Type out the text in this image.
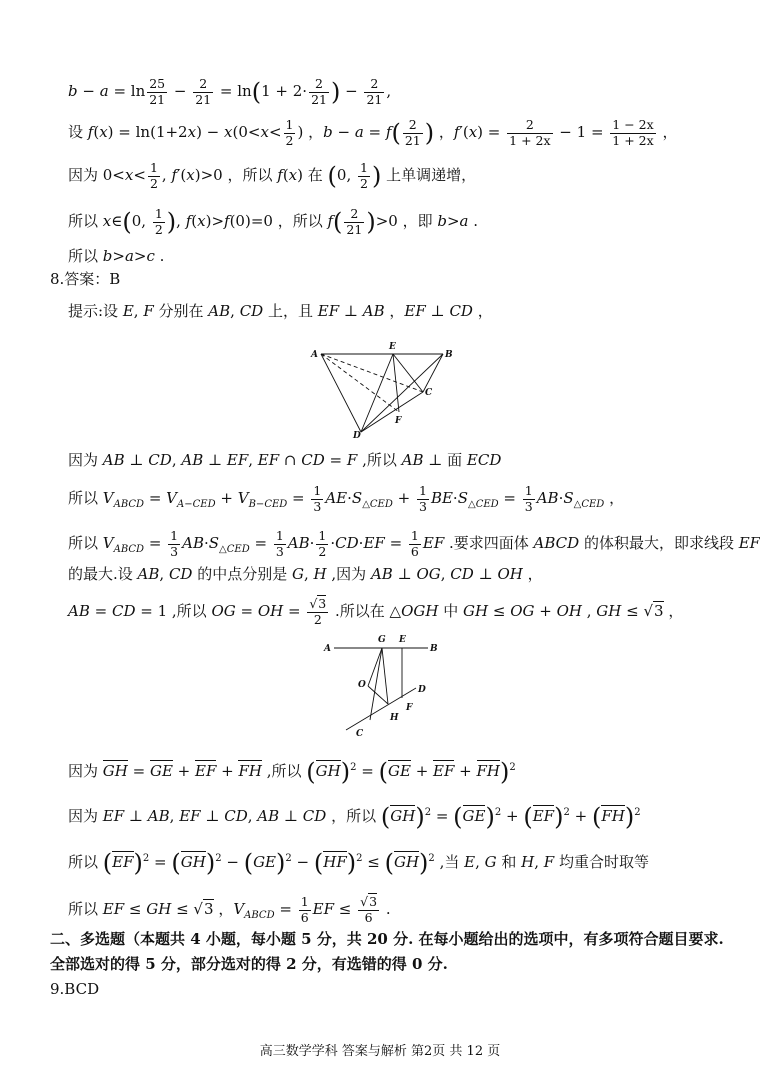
$b - a = \ln \frac{25}{21} - \frac{2}{21} = \ln(1 + 2\cdot \frac{2}{21}$ ) − $\frac{2}{21}$ ,
设 $f(x) = \ln(1+2x) - x(0<x< \frac{1}{2}$ ) ，$b - a = f( \frac{2}{21}$ ) ，$f'(x) = \frac{2}{1 + 2x} - 1 = \frac{1 - 2x}{1 + 2x}$ ，
因为 $0<x< \frac{1}{2}$ , f′(x)>0 ，所以 f(x) 在 (0, $\frac{1}{2}$ ) 上单调递增，
所以 x∈(0, $\frac{1}{2}$ ), f(x)>f(0)=0 ，所以 $f( \frac{2}{21} )>0$ ，即 b>a .
所以 b>a>c .
8.答案：B
提示:设 E, F 分别在 AB, CD 上，且 EF ⊥ AB ，EF ⊥ CD ，
A	B
C
D
E
F
因为 AB ⊥ CD, AB ⊥ EF, EF ∩ CD = F ,所以 AB ⊥ 面 ECD
所以 $V_{ABCD} = V_{A-CED} + V_{B-CED} = \frac{1}{3} AE\cdot S_{\triangle CED} + \frac{1}{3} BE\cdot S_{\triangle CED} = \frac{1}{3} AB\cdot S_{\triangle CED}$ ，
所以 $V_{ABCD} = \frac{1}{3} AB\cdot S_{\triangle CED} = \frac{1}{3} AB\cdot \frac{1}{2} \cdot CD\cdot EF = \frac{1}{6}$ EF .要求四面体 ABCD 的体积最大，即求线段 EF
的最大.设 AB, CD 的中点分别是 G, H ,因为 AB ⊥ OG, CD ⊥ OH ，
AB = CD = 1 ,所以 OG = OH = $\frac{√3}{2}$ .所以在 △OGH 中 GH ≤ OG + OH , GH ≤ √3 ，
A	B
G E
O	D
F
H
C
因为 GH = GE + EF + FH ,所以 (GH)$^2$ = (GE + EF + FH)$^2$
因为 EF ⊥ AB, EF ⊥ CD, AB ⊥ CD ，所以 (GH)$^2$ = (GE)$^2$ + (EF)$^2$ + (FH)$^2$
所以 (EF)$^2$ = (GH)$^2$ − (GE)$^2$ − (HF)$^2$ ≤ (GH)$^2$ ,当 E, G 和 H, F 均重合时取等
所以 EF ≤ GH ≤ √3 ，$V_{ABCD} = \frac{1}{6}$ EF ≤ $\frac{√3}{6}$ .
二、多选题（本题共 4 小题，每小题 5 分，共 20 分. 在每小题给出的选项中，有多项符合题目要求.
全部选对的得 5 分，部分选对的得 2 分，有选错的得 0 分.
9.BCD
高三数学学科 答案与解析 第2页 共 12 页
